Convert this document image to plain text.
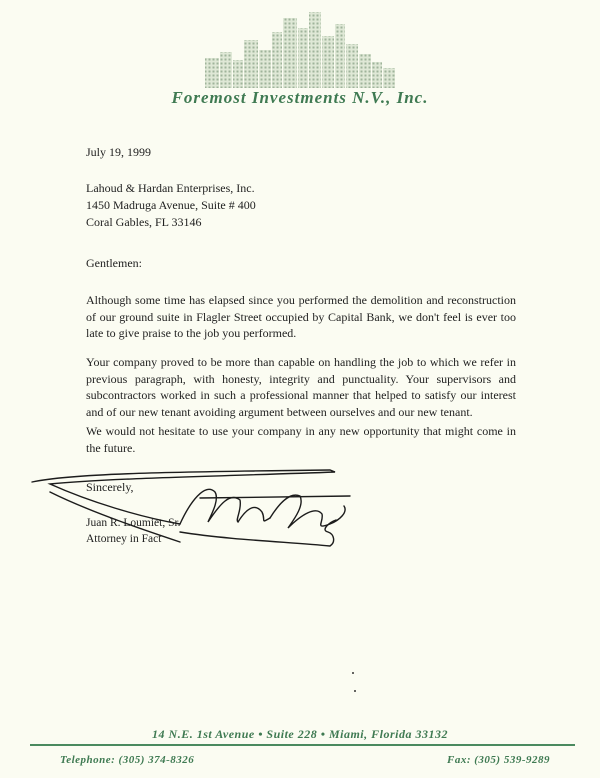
Foremost Investments N.V., Inc.
July 19, 1999
Lahoud & Hardan Enterprises, Inc.
1450 Madruga Avenue, Suite # 400
Coral Gables, FL 33146
Gentlemen:
Although some time has elapsed since you performed the demolition and reconstruction of our ground suite in Flagler Street occupied by Capital Bank, we don't feel is ever too late to give praise to the job you performed.
Your company proved to be more than capable on handling the job to which we refer in previous paragraph, with honesty, integrity and punctuality. Your supervisors and subcontractors worked in such a professional manner that helped to satisfy our interest and of our new tenant avoiding argument between ourselves and our new tenant.
We would not hesitate to use your company in any new opportunity that might come in the future.
Sincerely,
Juan R. Loumiet, Sr.
Attorney in Fact
14 N.E. 1st Avenue • Suite 228 • Miami, Florida 33132
Telephone: (305) 374-8326	Fax: (305) 539-9289
